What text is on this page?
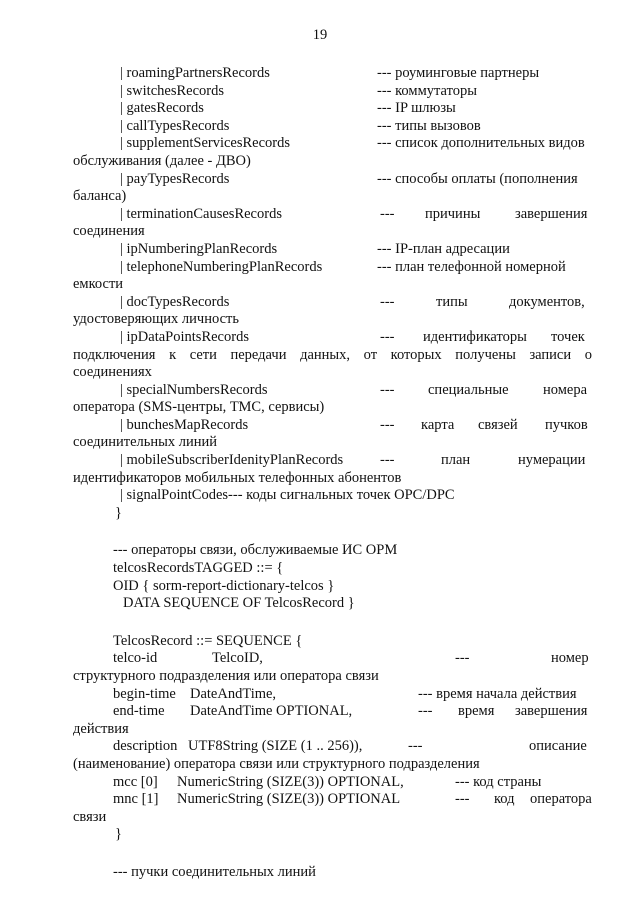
19
| roamingPartnersRecords	--- роуминговые партнеры
| switchesRecords	--- коммутаторы
| gatesRecords	--- IP шлюзы
| callTypesRecords	--- типы вызовов
| supplementServicesRecords	--- список дополнительных видов
обслуживания (далее - ДВО)
| payTypesRecords	--- способы оплаты (пополнения
баланса)
| terminationCausesRecords	--- причины завершения
соединения
| ipNumberingPlanRecords	--- IP-план адресации
| telephoneNumberingPlanRecords	--- план телефонной номерной
емкости
| docTypesRecords	---	типы	документов,
удостоверяющих личность
| ipDataPointsRecords	--- идентификаторы точек
подключения к сети передачи данных, от которых получены записи о
соединениях
| specialNumbersRecords	--- специальные номера
оператора (SMS-центры, ТМС, сервисы)
| bunchesMapRecords	--- карта связей пучков
соединительных линий
| mobileSubscriberIdenityPlanRecords	---	план	нумерации
идентификаторов мобильных телефонных абонентов
| signalPointCodes--- коды сигнальных точек OPC/DPC
}
--- операторы связи, обслуживаемые ИС ОРМ
telcosRecordsTAGGED ::= {
OID { sorm-report-dictionary-telcos }
DATA SEQUENCE OF TelcosRecord }
TelcosRecord ::= SEQUENCE {
telco-id	TelcoID,	---	номер
структурного подразделения или оператора связи
begin-time DateAndTime,	--- время начала действия
end-time DateAndTime OPTIONAL,	--- время завершения
действия
description UTF8String (SIZE (1 .. 256)),	---	описание
(наименование) оператора связи или структурного подразделения
mcc [0] NumericString (SIZE(3)) OPTIONAL,	--- код страны
mnc [1] NumericString (SIZE(3)) OPTIONAL	--- код оператора
связи
}
--- пучки соединительных линий
